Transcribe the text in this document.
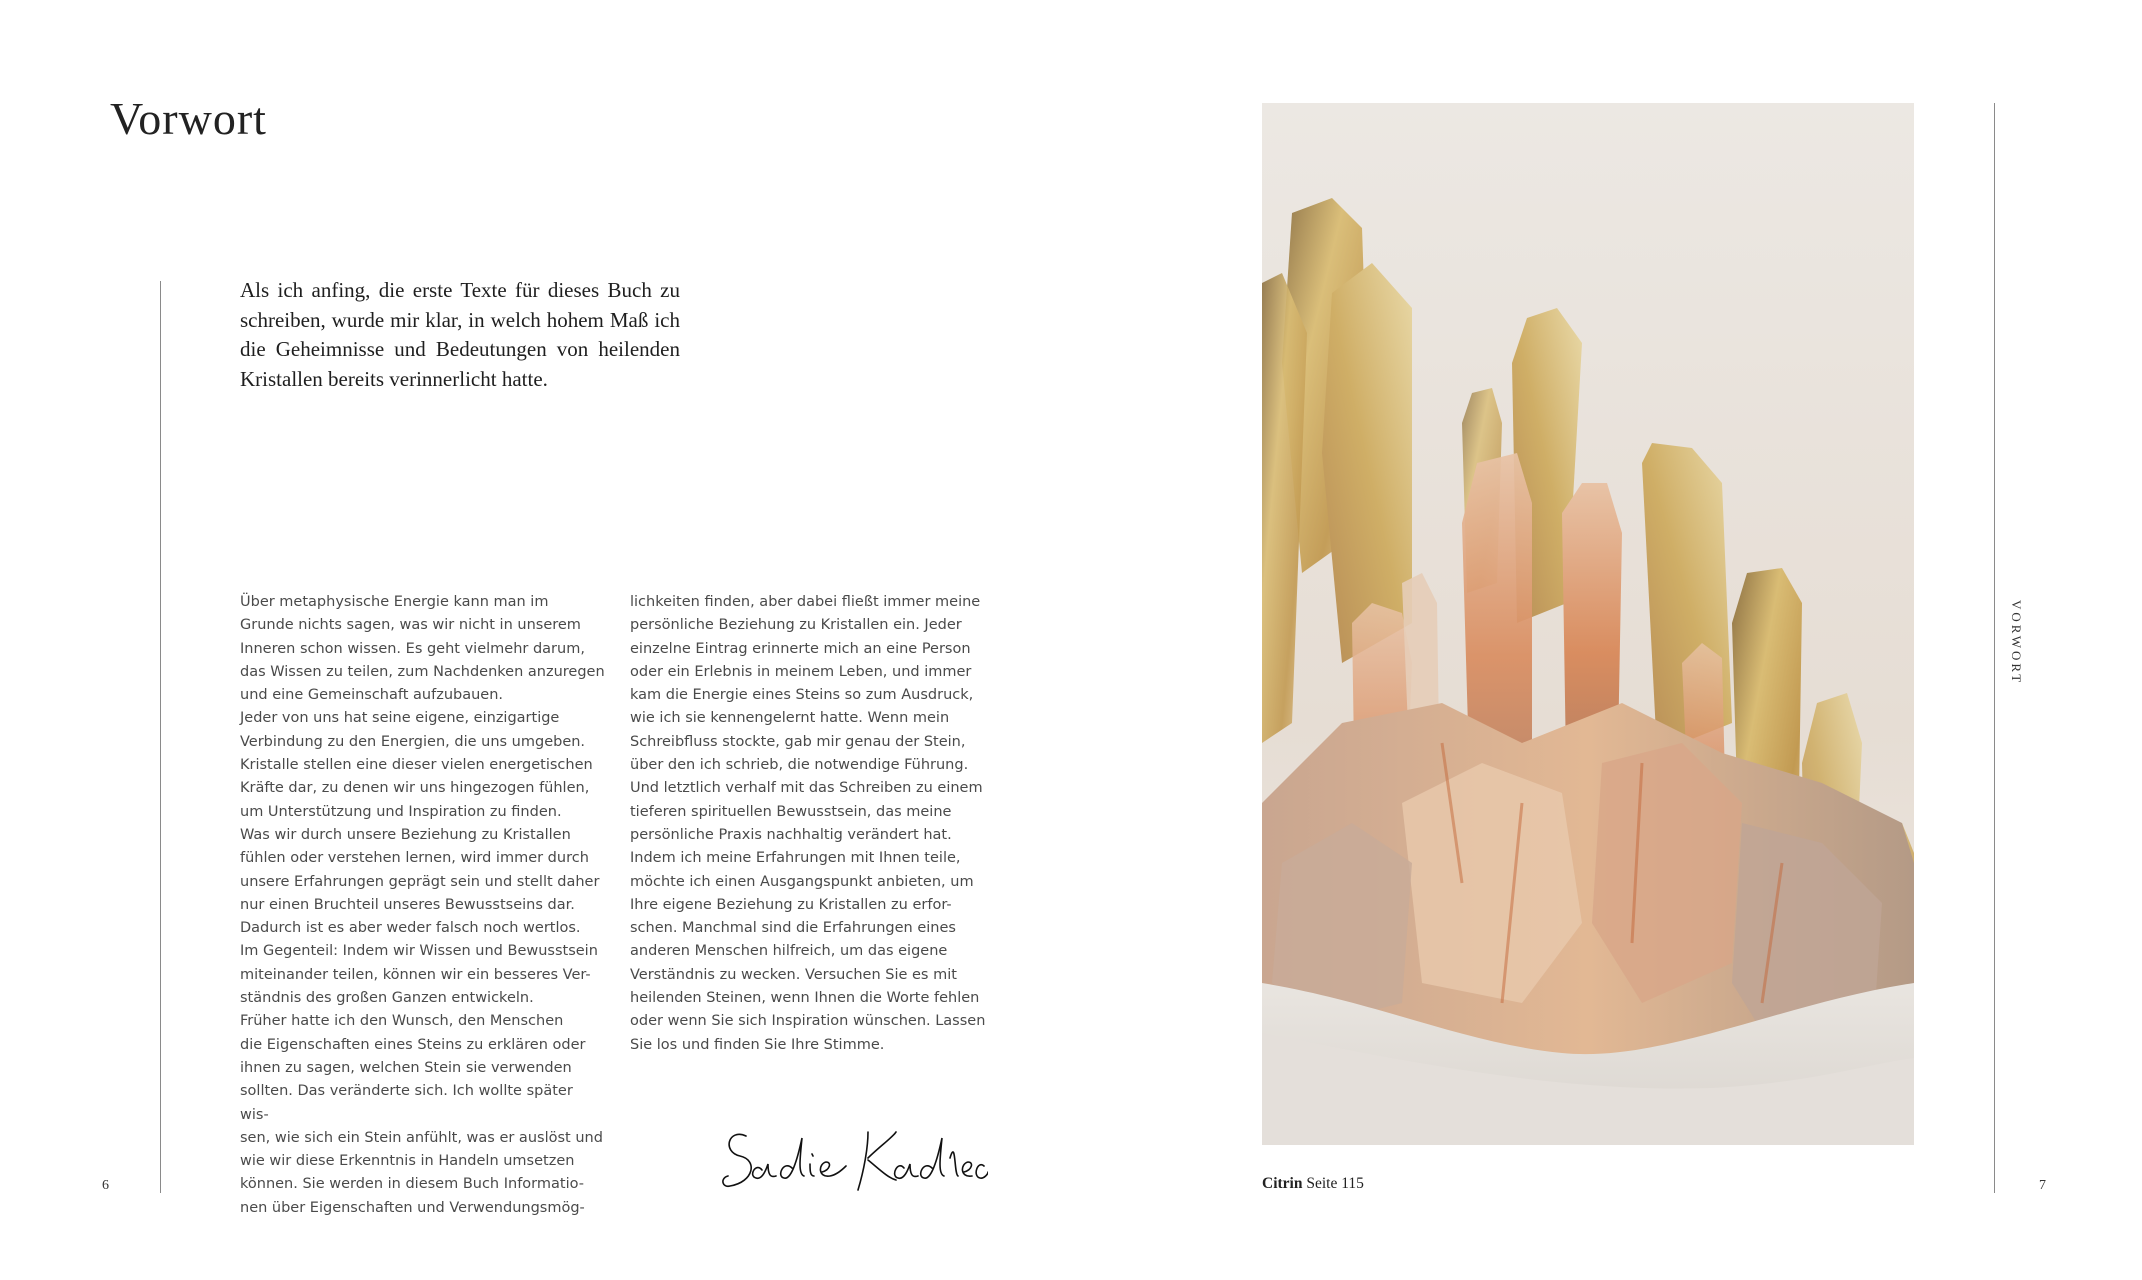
Vorwort

Als ich anfing, die erste Texte für dieses Buch zu schreiben, wurde mir klar, in welch hohem Maß ich die Geheimnisse und Bedeutungen von heilenden Kristallen bereits verinnerlicht hatte.

Über metaphysische Energie kann man im
Grunde nichts sagen, was wir nicht in unserem
Inneren schon wissen. Es geht vielmehr darum,
das Wissen zu teilen, zum Nachdenken anzuregen
und eine Gemeinschaft aufzubauen.
Jeder von uns hat seine eigene, einzigartige
Verbindung zu den Energien, die uns umgeben.
Kristalle stellen eine dieser vielen energetischen
Kräfte dar, zu denen wir uns hingezogen fühlen,
um Unterstützung und Inspiration zu finden.
Was wir durch unsere Beziehung zu Kristallen
fühlen oder verstehen lernen, wird immer durch
unsere Erfahrungen geprägt sein und stellt daher
nur einen Bruchteil unseres Bewusstseins dar.
Dadurch ist es aber weder falsch noch wertlos.
Im Gegenteil: Indem wir Wissen und Bewusstsein
miteinander teilen, können wir ein besseres Ver-
ständnis des großen Ganzen entwickeln.
Früher hatte ich den Wunsch, den Menschen
die Eigenschaften eines Steins zu erklären oder
ihnen zu sagen, welchen Stein sie verwenden
sollten. Das veränderte sich. Ich wollte später wis-
sen, wie sich ein Stein anfühlt, was er auslöst und
wie wir diese Erkenntnis in Handeln umsetzen
können. Sie werden in diesem Buch Informatio-
nen über Eigenschaften und Verwendungsmög-

lichkeiten finden, aber dabei fließt immer meine
persönliche Beziehung zu Kristallen ein. Jeder
einzelne Eintrag erinnerte mich an eine Person
oder ein Erlebnis in meinem Leben, und immer
kam die Energie eines Steins so zum Ausdruck,
wie ich sie kennengelernt hatte. Wenn mein
Schreibfluss stockte, gab mir genau der Stein,
über den ich schrieb, die notwendige Führung.
Und letztlich verhalf mit das Schreiben zu einem
tieferen spirituellen Bewusstsein, das meine
persönliche Praxis nachhaltig verändert hat.
Indem ich meine Erfahrungen mit Ihnen teile,
möchte ich einen Ausgangspunkt anbieten, um
Ihre eigene Beziehung zu Kristallen zu erfor-
schen. Manchmal sind die Erfahrungen eines
anderen Menschen hilfreich, um das eigene
Verständnis zu wecken. Versuchen Sie es mit
heilenden Steinen, wenn Ihnen die Worte fehlen
oder wenn Sie sich Inspiration wünschen. Lassen
Sie los und finden Sie Ihre Stimme.

6	Citrin Seite 115
VORWORT
7
